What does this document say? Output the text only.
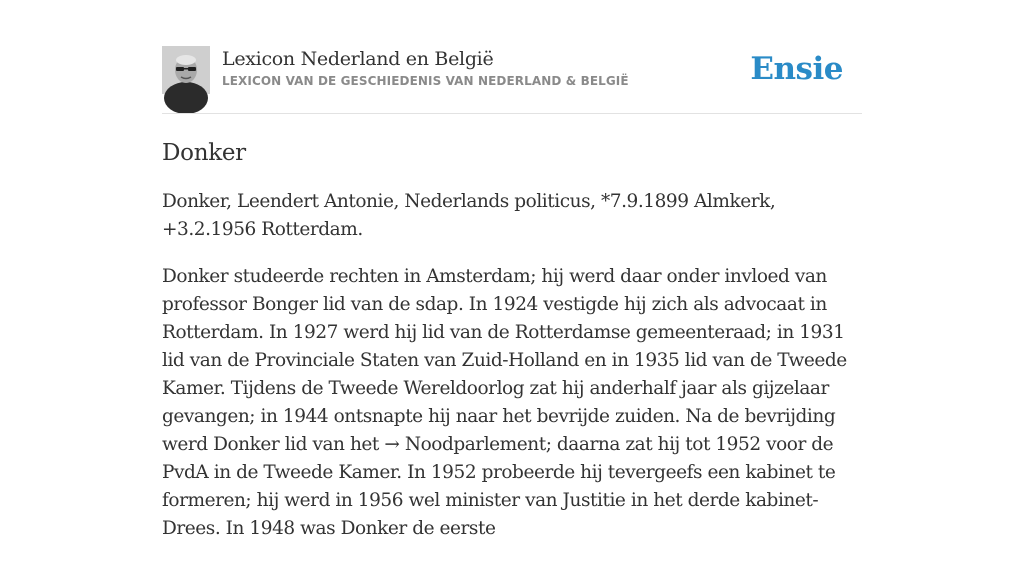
Lexicon Nederland en België
LEXICON VAN DE GESCHIEDENIS VAN NEDERLAND & BELGIË	Ensie
Donker

Donker, Leendert Antonie, Nederlands politicus, *7.9.1899 Almkerk, +3.2.1956 Rotterdam.

Donker studeerde rechten in Amsterdam; hij werd daar onder invloed van professor Bonger lid van de sdap. In 1924 vestigde hij zich als advocaat in Rotterdam. In 1927 werd hij lid van de Rotterdamse gemeenteraad; in 1931 lid van de Provinciale Staten van Zuid-Holland en in 1935 lid van de Tweede Kamer. Tijdens de Tweede Wereldoorlog zat hij anderhalf jaar als gijzelaar gevangen; in 1944 ontsnapte hij naar het bevrijde zuiden. Na de bevrijding werd Donker lid van het → Noodparlement; daarna zat hij tot 1952 voor de PvdA in de Tweede Kamer. In 1952 probeerde hij tevergeefs een kabinet te formeren; hij werd in 1956 wel minister van Justitie in het derde kabinet-Drees. In 1948 was Donker de eerste
